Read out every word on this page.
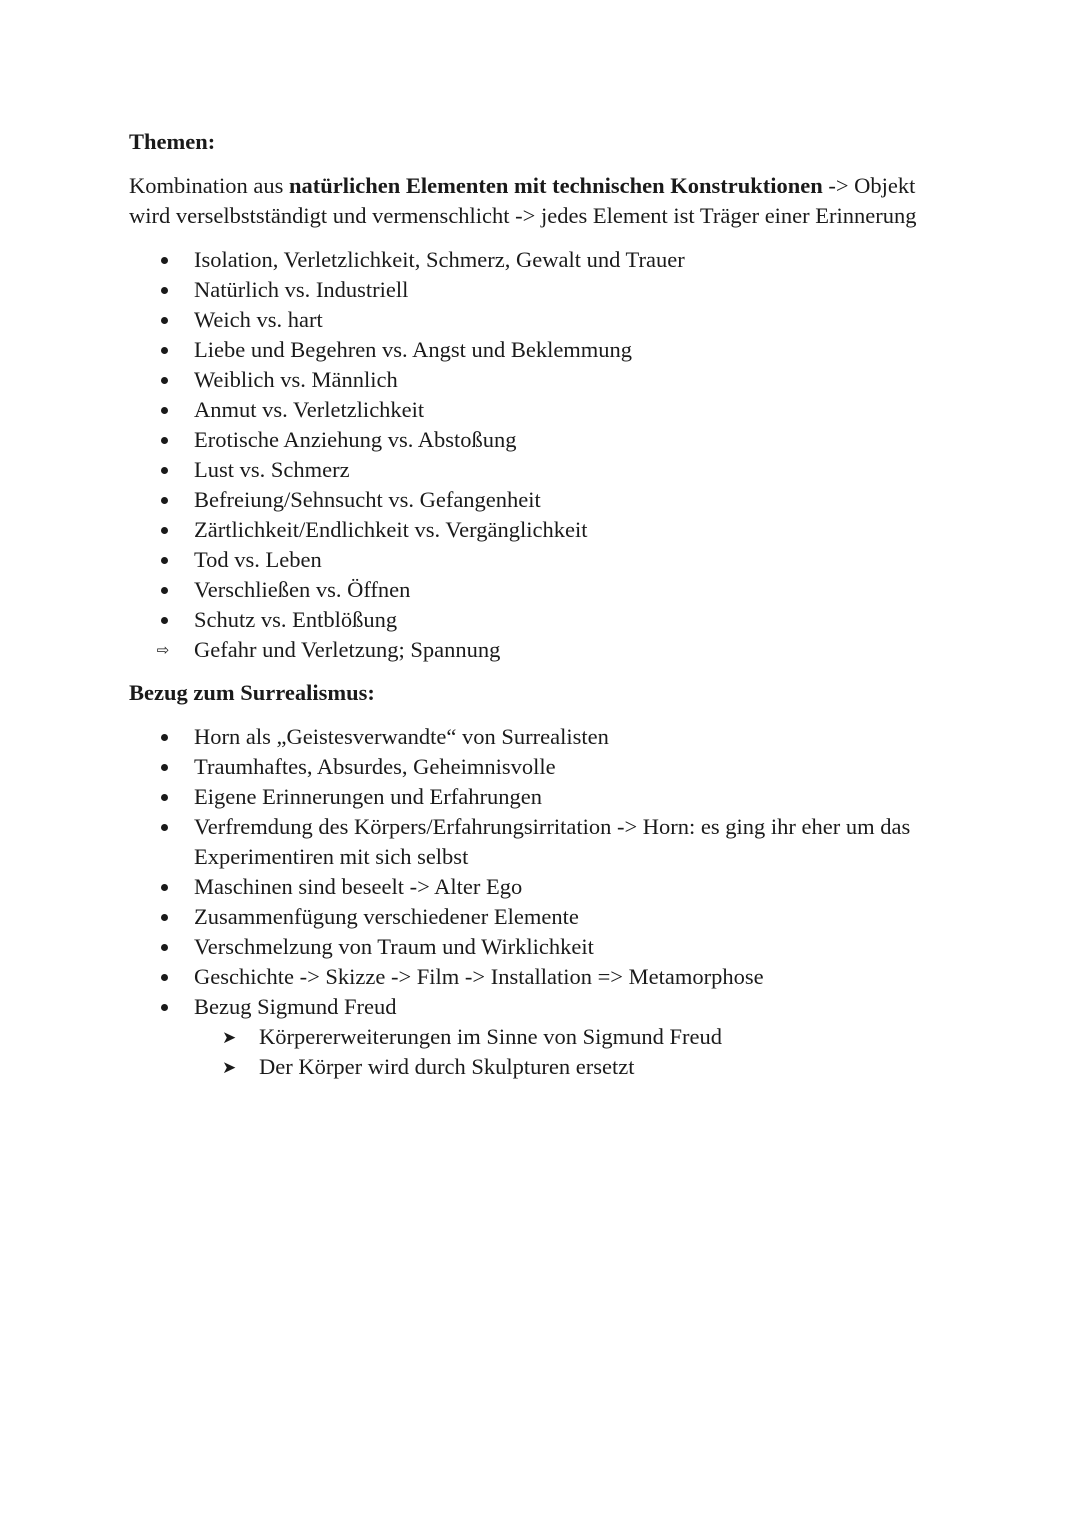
Themen:

Kombination aus natürlichen Elementen mit technischen Konstruktionen -> Objekt wird verselbstständigt und vermenschlicht -> jedes Element ist Träger einer Erinnerung

Isolation, Verletzlichkeit, Schmerz, Gewalt und Trauer
Natürlich vs. Industriell
Weich vs. hart
Liebe und Begehren vs. Angst und Beklemmung
Weiblich vs. Männlich
Anmut vs. Verletzlichkeit
Erotische Anziehung vs. Abstoßung
Lust vs. Schmerz
Befreiung/Sehnsucht vs. Gefangenheit
Zärtlichkeit/Endlichkeit vs. Vergänglichkeit
Tod vs. Leben
Verschließen vs. Öffnen
Schutz vs. Entblößung
⇨ Gefahr und Verletzung; Spannung

Bezug zum Surrealismus:

Horn als „Geistesverwandte“ von Surrealisten
Traumhaftes, Absurdes, Geheimnisvolle
Eigene Erinnerungen und Erfahrungen
Verfremdung des Körpers/Erfahrungsirritation -> Horn: es ging ihr eher um das Experimentiren mit sich selbst
Maschinen sind beseelt -> Alter Ego
Zusammenfügung verschiedener Elemente
Verschmelzung von Traum und Wirklichkeit
Geschichte -> Skizze -> Film -> Installation => Metamorphose
Bezug Sigmund Freud
➤ Körpererweiterungen im Sinne von Sigmund Freud
➤ Der Körper wird durch Skulpturen ersetzt
